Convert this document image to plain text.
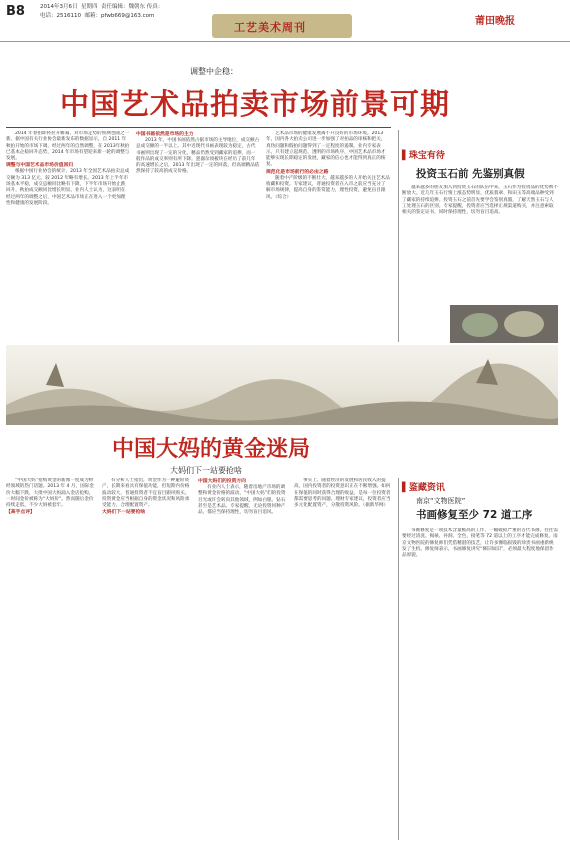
B8	2014年3月6日 星期四 责任编辑：魏朝东 传真：
电话：2516110 邮箱：pfwb669@163.com
工艺美术周刊	莆田晚报
调整中企稳：
中国艺术品拍卖市场前景可期

2014 年春拍即将拉开帷幕，对市场走势的预测也随之一新。据中国有关行业协会最新发布的数据显示，自 2011 年秋拍开始的市场下调，经过两年的自然调整，在 2013年秋拍已基本企稳回升态势，2014 年市场有望迎来新一轮的调整与发展。

调整与中国艺术品市场价值回归

根据中国行业协会的统计，2013 年全国艺术品拍卖总成交额为 313 亿元，较 2012 年略有增长。2013 年上半年市场基本平稳，成交总额同比略有下降，下半年市场开始止跌回升，秋拍成交额同比增长明显。业内人士认为，这表明在经过两年的调整之后，中国艺术品市场正在进入一个更加理性和健康的发展阶段。

中国书画依然是市场的主力

2013 年，中国书画依然占据市场的主导地位，成交额占总成交额的一半以上。其中近现代书画表现较为稳定，古代书画则出现了一定的分化，精品仍然受到藏家的追捧，而一般作品的成交率则有所下降。瓷器杂项板块在经历了前几年的高速增长之后，2013 年出现了一定的回落，但高端精品依然保持了较高的成交价格。

艺术品市场的健康发展离不开良好的市场环境。2013 年，国内各大拍卖公司进一步加强了对拍品的审核和把关，真伪问题和假拍问题得到了一定程度的遏制。业内专家表示，只有建立起规范、透明的市场秩序，中国艺术品市场才能够实现长期稳定的发展，藏家的信心也才能得到真正的恢复。

规范化是市场前行的必由之路

随着中产阶级的不断壮大，越来越多的人开始关注艺术品收藏和投资。专家建议，普通投资者在入市之前应当充分了解市场规律，提高自身的鉴赏能力，理性投资，避免盲目跟风。（综合）

▌珠宝有待
投资玉石前 先鉴别真假

越来越多的朋友加入到投资玉石的队伍中来，玉石作为投资品的优势被不断放大。近几年玉石行情上涨态势明显，优质翡翠、和田玉等高端品种受到了藏家的持续追捧。投资玉石之前首先要学会鉴别真假，了解天然玉石与人工处理玉石的区别。专家提醒，投资者应当选择正规渠道购买，并注意索取相关的鉴定证书，同时保持理性，切勿盲目追高。

中国大妈的黄金迷局
大妈们下一站要抢啥

“中国大妈”抢购黄金的新闻一度成为财经领域的热门话题。2013 年 4 月，国际金价大幅下跌，大批中国大妈涌入金店抢购，一时间金价被称为“大妈价”。然而随后金价持续走低，不少大妈被套牢。

【高手点评】

有分析人士指出，黄金作为一种避险资产，长期来看具有保值功能，但短期内价格波动较大，普通投资者不宜盲目跟风购买。投资黄金应当根据自身的资金状况和风险承受能力，合理配置资产。

大妈们下一站要抢啥
中国大妈们的投资方向

有业内人士表示，随着房地产市场的调整和黄金价格的波动，“中国大妈”们的投资目光或许会转向其他领域，例如白银、钻石甚至是艺术品。专家提醒，无论投资何种产品，都应当保持理性，切勿盲目追风。

事实上，随着经济的发展和居民收入的提高，国内投资者的投资意识正在不断增强。如何在保值的同时获得合理的收益，是每一位投资者都需要思考的问题。理财专家建议，投资者应当多元化配置资产，分散投资风险。（据新华网）

▌鉴藏资讯
南京“文物医院”
书画修复至少 72 道工序

书画修复是一项技术含量极高的工作，一幅破损严重的古代书画，往往需要经过清洗、揭裱、补洞、全色、接笔等 72 道以上的工序才能完成修复。南京文物医院的修复师们凭借精湛的技艺，让许多濒临损毁的珍贵书画重新焕发了生机。修复师表示，书画修复讲究“修旧如旧”，必须最大程度地保留作品原貌。
